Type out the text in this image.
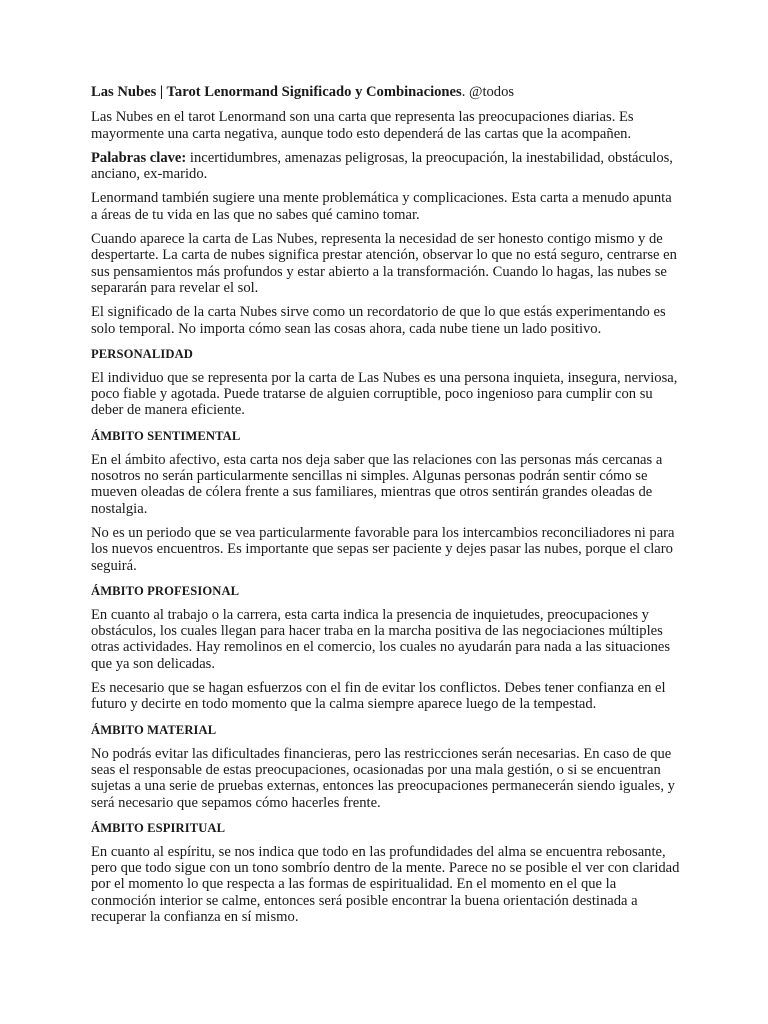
Las Nubes | Tarot Lenormand Significado y Combinaciones. @todos

Las Nubes en el tarot Lenormand son una carta que representa las preocupaciones diarias. Es mayormente una carta negativa, aunque todo esto dependerá de las cartas que la acompañen.

Palabras clave: incertidumbres, amenazas peligrosas, la preocupación, la inestabilidad, obstáculos, anciano, ex-marido.

Lenormand también sugiere una mente problemática y complicaciones. Esta carta a menudo apunta a áreas de tu vida en las que no sabes qué camino tomar.

Cuando aparece la carta de Las Nubes, representa la necesidad de ser honesto contigo mismo y de despertarte. La carta de nubes significa prestar atención, observar lo que no está seguro, centrarse en sus pensamientos más profundos y estar abierto a la transformación. Cuando lo hagas, las nubes se separarán para revelar el sol.

El significado de la carta Nubes sirve como un recordatorio de que lo que estás experimentando es solo temporal. No importa cómo sean las cosas ahora, cada nube tiene un lado positivo.

PERSONALIDAD

El individuo que se representa por la carta de Las Nubes es una persona inquieta, insegura, nerviosa, poco fiable y agotada. Puede tratarse de alguien corruptible, poco ingenioso para cumplir con su deber de manera eficiente.

ÁMBITO SENTIMENTAL

En el ámbito afectivo, esta carta nos deja saber que las relaciones con las personas más cercanas a nosotros no serán particularmente sencillas ni simples. Algunas personas podrán sentir cómo se mueven oleadas de cólera frente a sus familiares, mientras que otros sentirán grandes oleadas de nostalgia.

No es un periodo que se vea particularmente favorable para los intercambios reconciliadores ni para los nuevos encuentros. Es importante que sepas ser paciente y dejes pasar las nubes, porque el claro seguirá.

ÁMBITO PROFESIONAL

En cuanto al trabajo o la carrera, esta carta indica la presencia de inquietudes, preocupaciones y obstáculos, los cuales llegan para hacer traba en la marcha positiva de las negociaciones múltiples otras actividades. Hay remolinos en el comercio, los cuales no ayudarán para nada a las situaciones que ya son delicadas.

Es necesario que se hagan esfuerzos con el fin de evitar los conflictos. Debes tener confianza en el futuro y decirte en todo momento que la calma siempre aparece luego de la tempestad.

ÁMBITO MATERIAL

No podrás evitar las dificultades financieras, pero las restricciones serán necesarias. En caso de que seas el responsable de estas preocupaciones, ocasionadas por una mala gestión, o si se encuentran sujetas a una serie de pruebas externas, entonces las preocupaciones permanecerán siendo iguales, y será necesario que sepamos cómo hacerles frente.

ÁMBITO ESPIRITUAL

En cuanto al espíritu, se nos indica que todo en las profundidades del alma se encuentra rebosante, pero que todo sigue con un tono sombrío dentro de la mente. Parece no se posible el ver con claridad por el momento lo que respecta a las formas de espiritualidad. En el momento en el que la conmoción interior se calme, entonces será posible encontrar la buena orientación destinada a recuperar la confianza en sí mismo.
